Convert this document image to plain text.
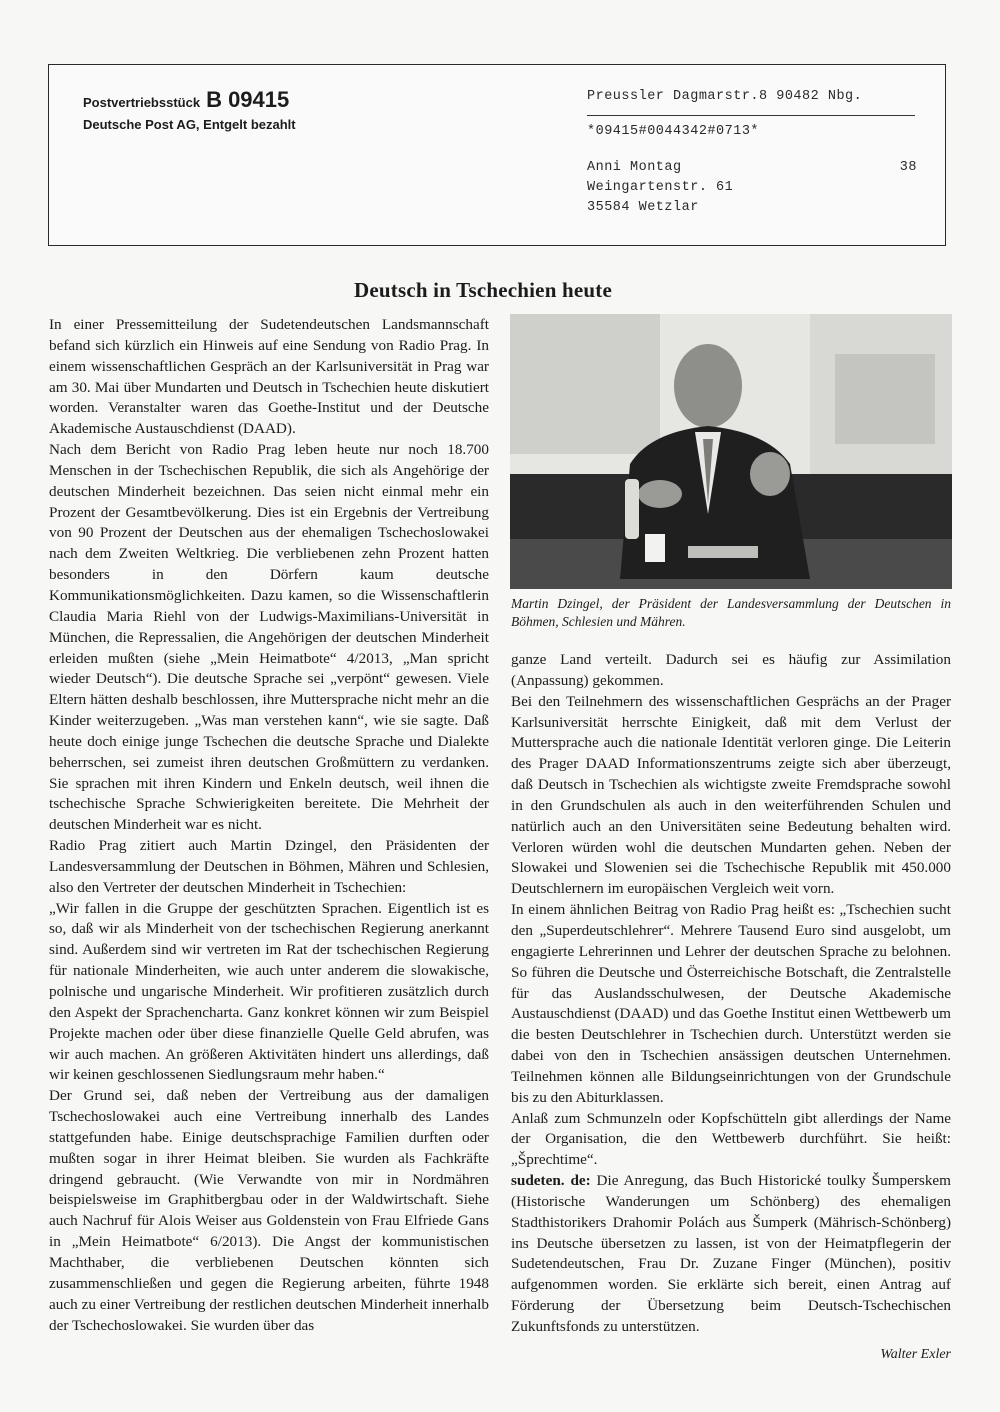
Postvertriebsstück B 09415
Deutsche Post AG, Entgelt bezahlt
Preussler Dagmarstr.8 90482 Nbg.
*09415#0044342#0713*
Anni Montag	38
Weingartenstr. 61
35584 Wetzlar
Deutsch in Tschechien heute

In einer Pressemitteilung der Sudetendeutschen Landsmannschaft befand sich kürzlich ein Hinweis auf eine Sendung von Radio Prag. In einem wissenschaftlichen Gespräch an der Karlsuniversität in Prag war am 30. Mai über Mundarten und Deutsch in Tschechien heute diskutiert worden. Veranstalter waren das Goethe-Institut und der Deutsche Akademische Austauschdienst (DAAD).

Nach dem Bericht von Radio Prag leben heute nur noch 18.700 Menschen in der Tschechischen Republik, die sich als Angehörige der deutschen Minderheit bezeichnen. Das seien nicht einmal mehr ein Prozent der Gesamtbevölkerung. Dies ist ein Ergebnis der Vertreibung von 90 Prozent der Deutschen aus der ehemaligen Tschechoslowakei nach dem Zweiten Weltkrieg. Die verbliebenen zehn Prozent hatten besonders in den Dörfern kaum deutsche Kommunikationsmöglichkeiten. Dazu kamen, so die Wissenschaftlerin Claudia Maria Riehl von der Ludwigs-Maximilians-Universität in München, die Repressalien, die Angehörigen der deutschen Minderheit erleiden mußten (siehe „Mein Heimatbote“ 4/2013, „Man spricht wieder Deutsch“). Die deutsche Sprache sei „verpönt“ gewesen. Viele Eltern hätten deshalb beschlossen, ihre Muttersprache nicht mehr an die Kinder weiterzugeben. „Was man verstehen kann“, wie sie sagte. Daß heute doch einige junge Tschechen die deutsche Sprache und Dialekte beherrschen, sei zumeist ihren deutschen Großmüttern zu verdanken. Sie sprachen mit ihren Kindern und Enkeln deutsch, weil ihnen die tschechische Sprache Schwierigkeiten bereitete. Die Mehrheit der deutschen Minderheit war es nicht.

Radio Prag zitiert auch Martin Dzingel, den Präsidenten der Landesversammlung der Deutschen in Böhmen, Mähren und Schlesien, also den Vertreter der deutschen Minderheit in Tschechien:

„Wir fallen in die Gruppe der geschützten Sprachen. Eigentlich ist es so, daß wir als Minderheit von der tschechischen Regierung anerkannt sind. Außerdem sind wir vertreten im Rat der tschechischen Regierung für nationale Minderheiten, wie auch unter anderem die slowakische, polnische und ungarische Minderheit. Wir profitieren zusätzlich durch den Aspekt der Sprachencharta. Ganz konkret können wir zum Beispiel Projekte machen oder über diese finanzielle Quelle Geld abrufen, was wir auch machen. An größeren Aktivitäten hindert uns allerdings, daß wir keinen geschlossenen Siedlungsraum mehr haben.“

Der Grund sei, daß neben der Vertreibung aus der damaligen Tschechoslowakei auch eine Vertreibung innerhalb des Landes stattgefunden habe. Einige deutschsprachige Familien durften oder mußten sogar in ihrer Heimat bleiben. Sie wurden als Fachkräfte dringend gebraucht. (Wie Verwandte von mir in Nordmähren beispielsweise im Graphitbergbau oder in der Waldwirtschaft. Siehe auch Nachruf für Alois Weiser aus Goldenstein von Frau Elfriede Gans in „Mein Heimatbote“ 6/2013). Die Angst der kommunistischen Machthaber, die verbliebenen Deutschen könnten sich zusammenschließen und gegen die Regierung arbeiten, führte 1948 auch zu einer Vertreibung der restlichen deutschen Minderheit innerhalb der Tschechoslowakei. Sie wurden über das

Martin Dzingel, der Präsident der Landesversammlung der Deutschen in Böhmen, Schlesien und Mähren.

ganze Land verteilt. Dadurch sei es häufig zur Assimilation (Anpassung) gekommen.

Bei den Teilnehmern des wissenschaftlichen Gesprächs an der Prager Karlsuniversität herrschte Einigkeit, daß mit dem Verlust der Muttersprache auch die nationale Identität verloren ginge. Die Leiterin des Prager DAAD Informationszentrums zeigte sich aber überzeugt, daß Deutsch in Tschechien als wichtigste zweite Fremdsprache sowohl in den Grundschulen als auch in den weiterführenden Schulen und natürlich auch an den Universitäten seine Bedeutung behalten wird. Verloren würden wohl die deutschen Mundarten gehen. Neben der Slowakei und Slowenien sei die Tschechische Republik mit 450.000 Deutschlernern im europäischen Vergleich weit vorn.

In einem ähnlichen Beitrag von Radio Prag heißt es: „Tschechien sucht den „Superdeutschlehrer“. Mehrere Tausend Euro sind ausgelobt, um engagierte Lehrerinnen und Lehrer der deutschen Sprache zu belohnen. So führen die Deutsche und Österreichische Botschaft, die Zentralstelle für das Auslandsschulwesen, der Deutsche Akademische Austauschdienst (DAAD) und das Goethe Institut einen Wettbewerb um die besten Deutschlehrer in Tschechien durch. Unterstützt werden sie dabei von den in Tschechien ansässigen deutschen Unternehmen. Teilnehmen können alle Bildungseinrichtungen von der Grundschule bis zu den Abiturklassen.

Anlaß zum Schmunzeln oder Kopfschütteln gibt allerdings der Name der Organisation, die den Wettbewerb durchführt. Sie heißt: „Šprechtime“.

sudeten. de: Die Anregung, das Buch Historické toulky Šumperskem (Historische Wanderungen um Schönberg) des ehemaligen Stadthistorikers Drahomir Polách aus Šumperk (Mährisch-Schönberg) ins Deutsche übersetzen zu lassen, ist von der Heimatpflegerin der Sudetendeutschen, Frau Dr. Zuzane Finger (München), positiv aufgenommen worden. Sie erklärte sich bereit, einen Antrag auf Förderung der Übersetzung beim Deutsch-Tschechischen Zukunftsfonds zu unterstützen.

Walter Exler
